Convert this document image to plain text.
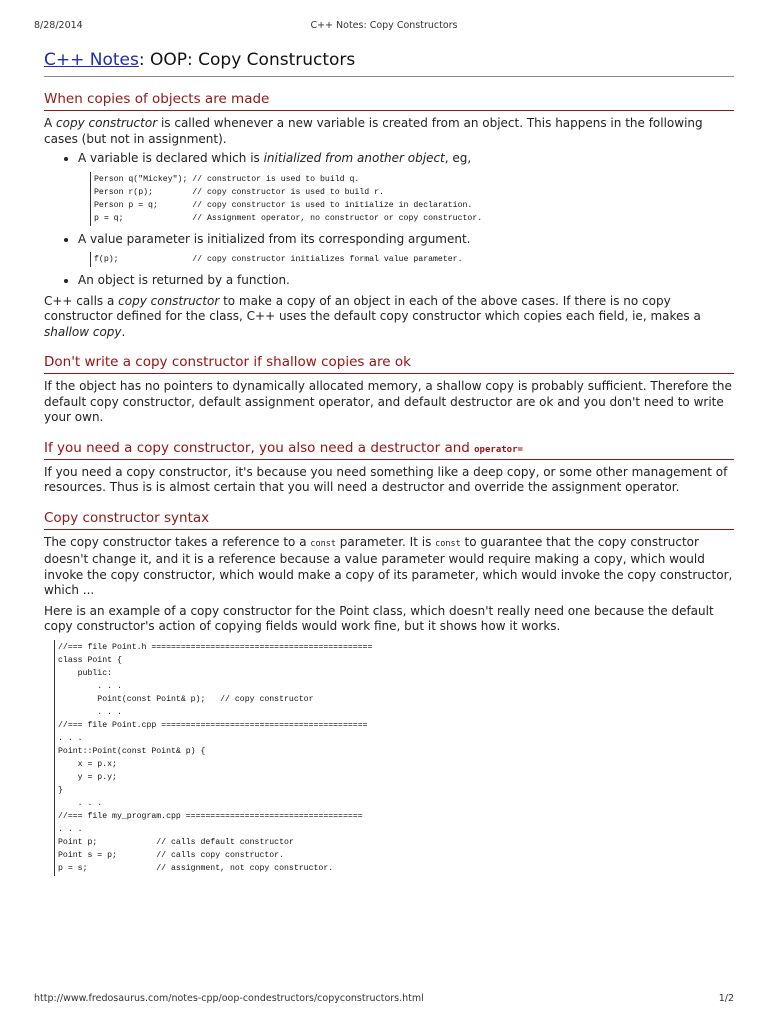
8/28/2014	C++ Notes: Copy Constructors
C++ Notes: OOP: Copy Constructors
When copies of objects are made

A copy constructor is called whenever a new variable is created from an object. This happens in the following cases (but not in assignment).

• A variable is declared which is initialized from another object, eg,
Person q("Mickey"); // constructor is used to build q.
Person r(p);        // copy constructor is used to build r.
Person p = q;       // copy constructor is used to initialize in declaration.
p = q;              // Assignment operator, no constructor or copy constructor.
• A value parameter is initialized from its corresponding argument.
f(p);               // copy constructor initializes formal value parameter.
• An object is returned by a function.

C++ calls a copy constructor to make a copy of an object in each of the above cases. If there is no copy constructor defined for the class, C++ uses the default copy constructor which copies each field, ie, makes a shallow copy.

Don't write a copy constructor if shallow copies are ok

If the object has no pointers to dynamically allocated memory, a shallow copy is probably sufficient. Therefore the default copy constructor, default assignment operator, and default destructor are ok and you don't need to write your own.

If you need a copy constructor, you also need a destructor and operator=

If you need a copy constructor, it's because you need something like a deep copy, or some other management of resources. Thus is is almost certain that you will need a destructor and override the assignment operator.

Copy constructor syntax

The copy constructor takes a reference to a const parameter. It is const to guarantee that the copy constructor doesn't change it, and it is a reference because a value parameter would require making a copy, which would invoke the copy constructor, which would make a copy of its parameter, which would invoke the copy constructor, which ...

Here is an example of a copy constructor for the Point class, which doesn't really need one because the default copy constructor's action of copying fields would work fine, but it shows how it works.

//=== file Point.h =============================================
class Point {
public:
. . .
Point(const Point& p);   // copy constructor
. . .
//=== file Point.cpp ==========================================
. . .
Point::Point(const Point& p) {
x = p.x;
y = p.y;
}
. . .
//=== file my_program.cpp ====================================
. . .
Point p;            // calls default constructor
Point s = p;        // calls copy constructor.
p = s;              // assignment, not copy constructor.
http://www.fredosaurus.com/notes-cpp/oop-condestructors/copyconstructors.html	1/2
